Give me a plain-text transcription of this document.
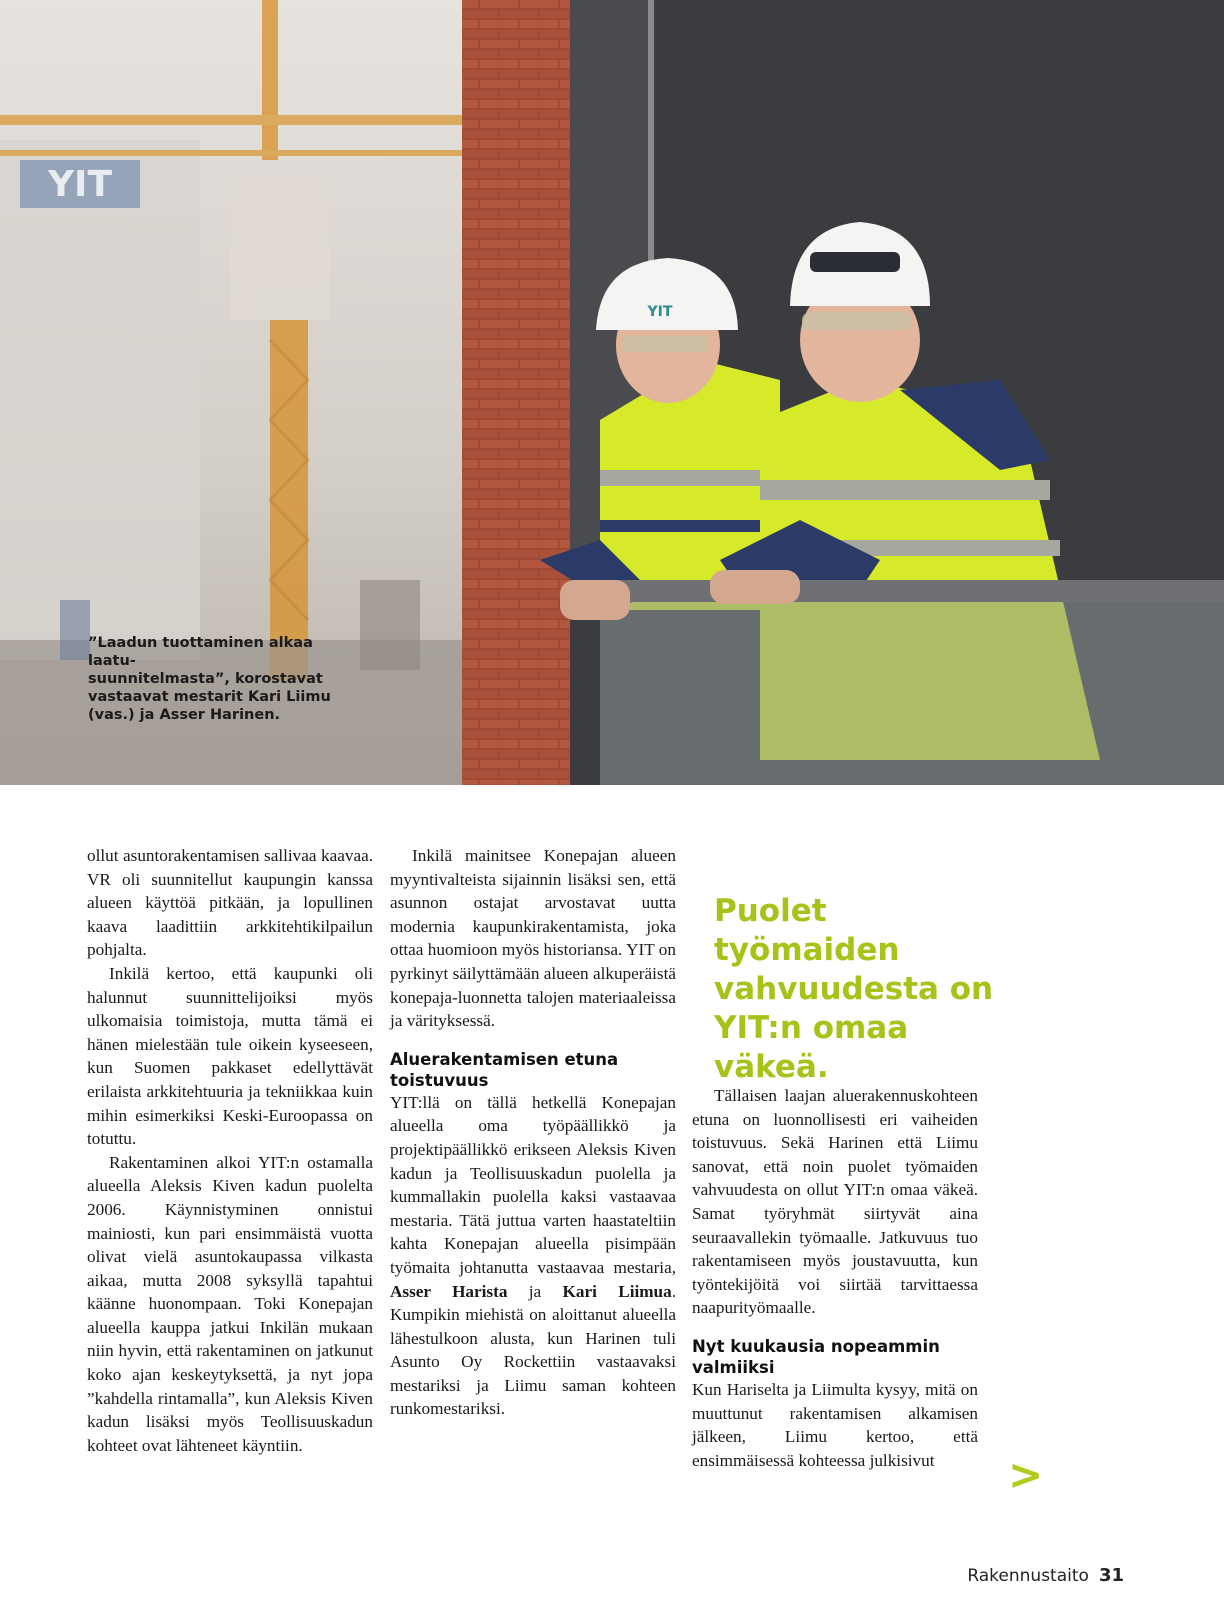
YIT
YIT
”Laadun tuottaminen alkaa laatu-
suunnitelmasta”, korostavat
vastaavat mestarit Kari Liimu
(vas.) ja Asser Harinen.

ollut asuntorakentamisen sallivaa kaavaa. VR oli suunnitellut kaupungin kanssa alueen käyttöä pitkään, ja lopullinen kaava laadittiin arkkitehtikilpailun pohjalta.

Inkilä kertoo, että kaupunki oli halunnut suunnittelijoiksi myös ulkomaisia toimistoja, mutta tämä ei hänen mielestään tule oikein kyseeseen, kun Suomen pakkaset edellyttävät erilaista arkkitehtuuria ja tekniikkaa kuin mihin esimerkiksi Keski-Euroopassa on totuttu.

Rakentaminen alkoi YIT:n ostamalla alueella Aleksis Kiven kadun puolelta 2006. Käynnistyminen onnistui mainiosti, kun pari ensimmäistä vuotta olivat vielä asuntokaupassa vilkasta aikaa, mutta 2008 syksyllä tapahtui käänne huonompaan. Toki Konepajan alueella kauppa jatkui Inkilän mukaan niin hyvin, että rakentaminen on jatkunut koko ajan keskeytyksettä, ja nyt jopa ”kahdella rintamalla”, kun Aleksis Kiven kadun lisäksi myös Teollisuuskadun kohteet ovat lähteneet käyntiin.

Inkilä mainitsee Konepajan alueen myyntivalteista sijainnin lisäksi sen, että asunnon ostajat arvostavat uutta modernia kaupunkirakentamista, joka ottaa huomioon myös historiansa. YIT on pyrkinyt säilyttämään alueen alkuperäistä konepaja-luonnetta talojen materiaaleissa ja värityksessä.

Aluerakentamisen etuna toistuvuus

YIT:llä on tällä hetkellä Konepajan alueella oma työpäällikkö ja projektipäällikkö erikseen Aleksis Kiven kadun ja Teollisuuskadun puolella ja kummallakin puolella kaksi vastaavaa mestaria. Tätä juttua varten haastateltiin kahta Konepajan alueella pisimpään työmaita johtanutta vastaavaa mestaria, Asser Harista ja Kari Liimua. Kumpikin miehistä on aloittanut alueella lähestulkoon alusta, kun Harinen tuli Asunto Oy Rockettiin vastaavaksi mestariksi ja Liimu saman kohteen runkomestariksi.

Puolet työmaiden vahvuudesta on YIT:n omaa väkeä.

Tällaisen laajan aluerakennuskohteen etuna on luonnollisesti eri vaiheiden toistuvuus. Sekä Harinen että Liimu sanovat, että noin puolet työmaiden vahvuudesta on ollut YIT:n omaa väkeä. Samat työryhmät siirtyvät aina seuraavallekin työmaalle. Jatkuvuus tuo rakentamiseen myös joustavuutta, kun työntekijöitä voi siirtää tarvittaessa naapurityömaalle.

Nyt kuukausia nopeammin valmiiksi

Kun Hariselta ja Liimulta kysyy, mitä on muuttunut rakentamisen alkamisen jälkeen, Liimu kertoo, että ensimmäisessä kohteessa julkisivut	>
Rakennustaito 31
